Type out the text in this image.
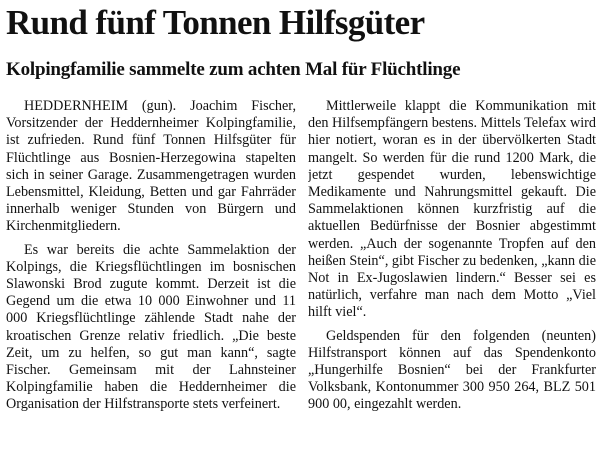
Rund fünf Tonnen Hilfsgüter
Kolpingfamilie sammelte zum achten Mal für Flüchtlinge

HEDDERNHEIM (gun). Joachim Fischer, Vorsitzender der Heddernheimer Kolpingfamilie, ist zufrieden. Rund fünf Tonnen Hilfsgüter für Flüchtlinge aus Bosnien-Herzegowina stapelten sich in seiner Garage. Zusammengetragen wurden Lebensmittel, Kleidung, Betten und gar Fahrräder innerhalb weniger Stunden von Bürgern und Kirchenmitgliedern.

Es war bereits die achte Sammelaktion der Kolpings, die Kriegsflüchtlingen im bosnischen Slawonski Brod zugute kommt. Derzeit ist die Gegend um die etwa 10 000 Einwohner und 11 000 Kriegsflüchtlinge zählende Stadt nahe der kroatischen Grenze relativ friedlich. „Die beste Zeit, um zu helfen, so gut man kann“, sagte Fischer. Gemeinsam mit der Lahnsteiner Kolpingfamilie haben die Heddernheimer die Organisation der Hilfstransporte stets verfeinert.

Mittlerweile klappt die Kommunikation mit den Hilfsempfängern bestens. Mittels Telefax wird hier notiert, woran es in der übervölkerten Stadt mangelt. So werden für die rund 1200 Mark, die jetzt gespendet wurden, lebenswichtige Medikamente und Nahrungsmittel gekauft. Die Sammelaktionen können kurzfristig auf die aktuellen Bedürfnisse der Bosnier abgestimmt werden. „Auch der sogenannte Tropfen auf den heißen Stein“, gibt Fischer zu bedenken, „kann die Not in Ex-Jugoslawien lindern.“ Besser sei es natürlich, verfahre man nach dem Motto „Viel hilft viel“.

Geldspenden für den folgenden (neunten) Hilfstransport können auf das Spendenkonto „Hungerhilfe Bosnien“ bei der Frankfurter Volksbank, Kontonummer 300 950 264, BLZ 501 900 00, eingezahlt werden.
